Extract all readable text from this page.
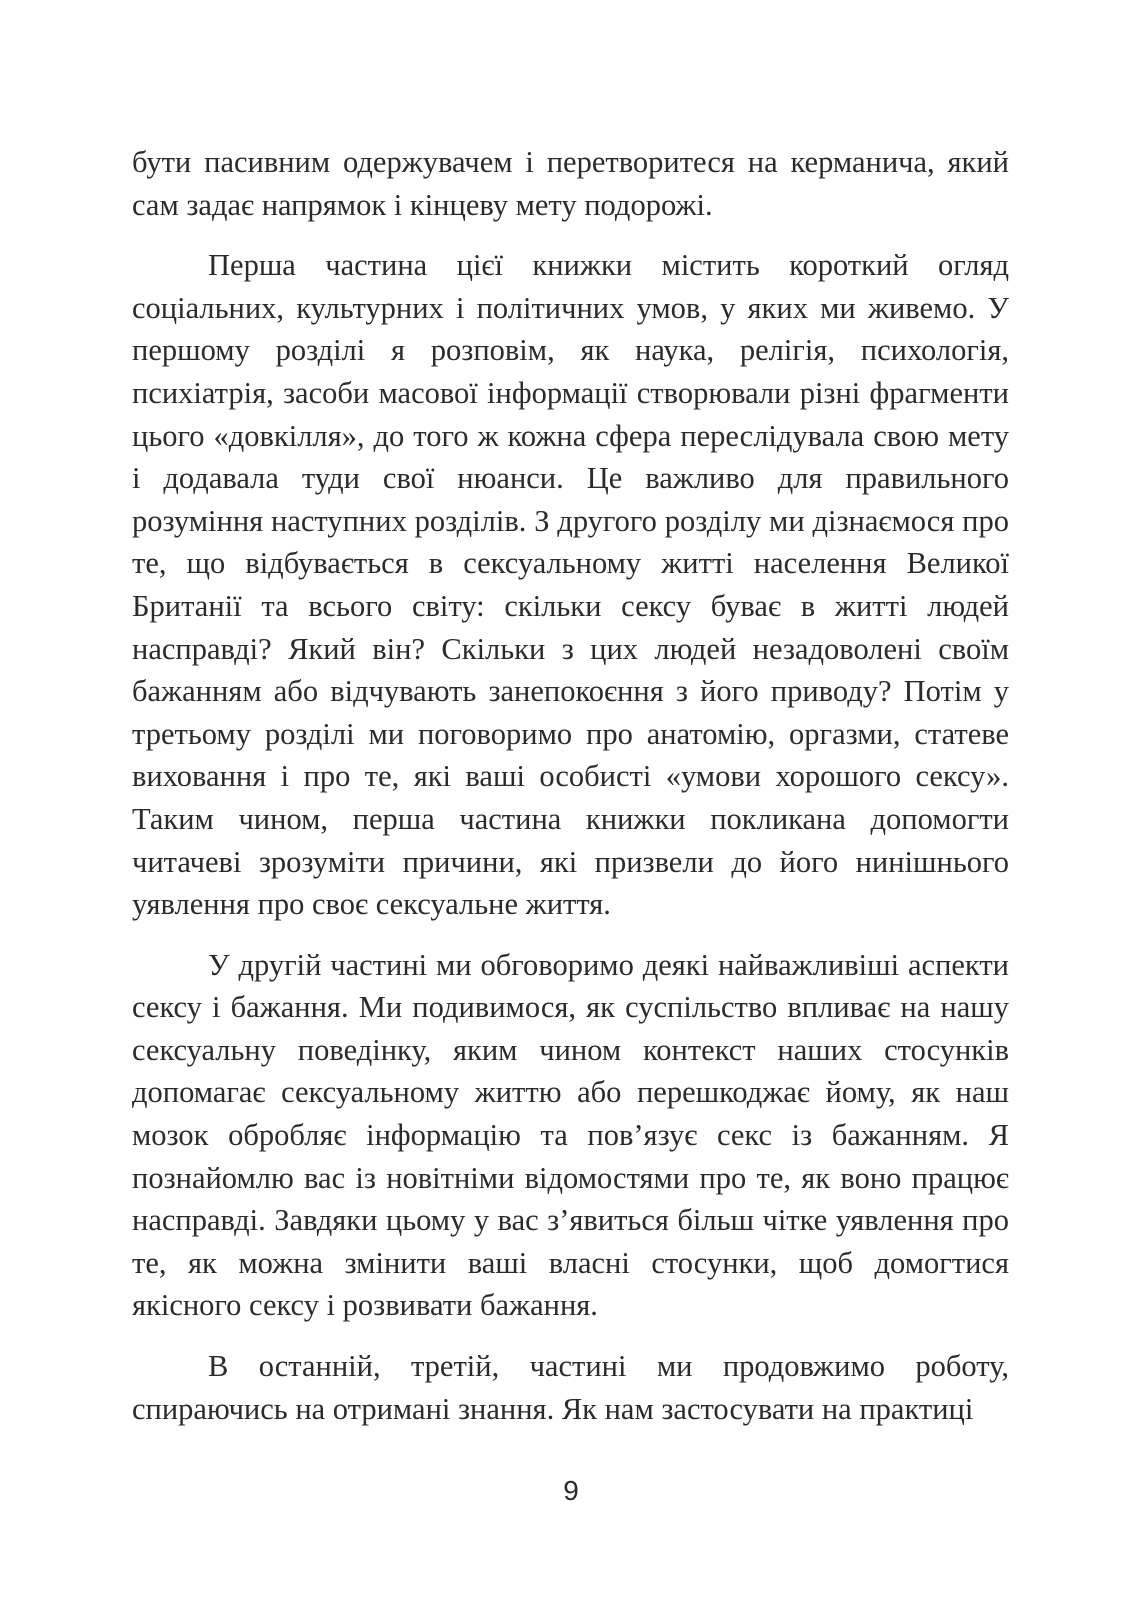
бути пасивним одержувачем і перетворитеся на керманича, який сам задає напрямок і кінцеву мету подорожі.

Перша частина цієї книжки містить короткий огляд соціальних, культурних і політичних умов, у яких ми живемо. У першому розділі я розповім, як наука, релігія, психологія, психіатрія, засоби масової інформації створювали різні фрагменти цього «довкілля», до того ж кожна сфера переслідувала свою мету і додавала туди свої нюанси. Це важливо для правильного розуміння наступних розділів. З другого розділу ми дізнаємося про те, що відбувається в сексуальному житті населення Великої Британії та всього світу: скільки сексу буває в житті людей насправді? Який він? Скільки з цих людей незадоволені своїм бажанням або відчувають занепокоєння з його приводу? Потім у третьому розділі ми поговоримо про анатомію, оргазми, статеве виховання і про те, які ваші особисті «умови хорошого сексу». Таким чином, перша частина книжки покликана допомогти читачеві зрозуміти причини, які призвели до його нинішнього уявлення про своє сексуальне життя.

У другій частині ми обговоримо деякі найважливіші аспекти сексу і бажання. Ми подивимося, як суспільство впливає на нашу сексуальну поведінку, яким чином контекст наших стосунків допомагає сексуальному життю або перешкоджає йому, як наш мозок обробляє інформацію та пов’язує секс із бажанням. Я познайомлю вас із новітніми відомостями про те, як воно працює насправді. Завдяки цьому у вас з’явиться більш чітке уявлення про те, як можна змінити ваші власні стосунки, щоб домогтися якісного сексу і розвивати бажання.

В останній, третій, частині ми продовжимо роботу, спираючись на отримані знання. Як нам застосувати на практиці

9
